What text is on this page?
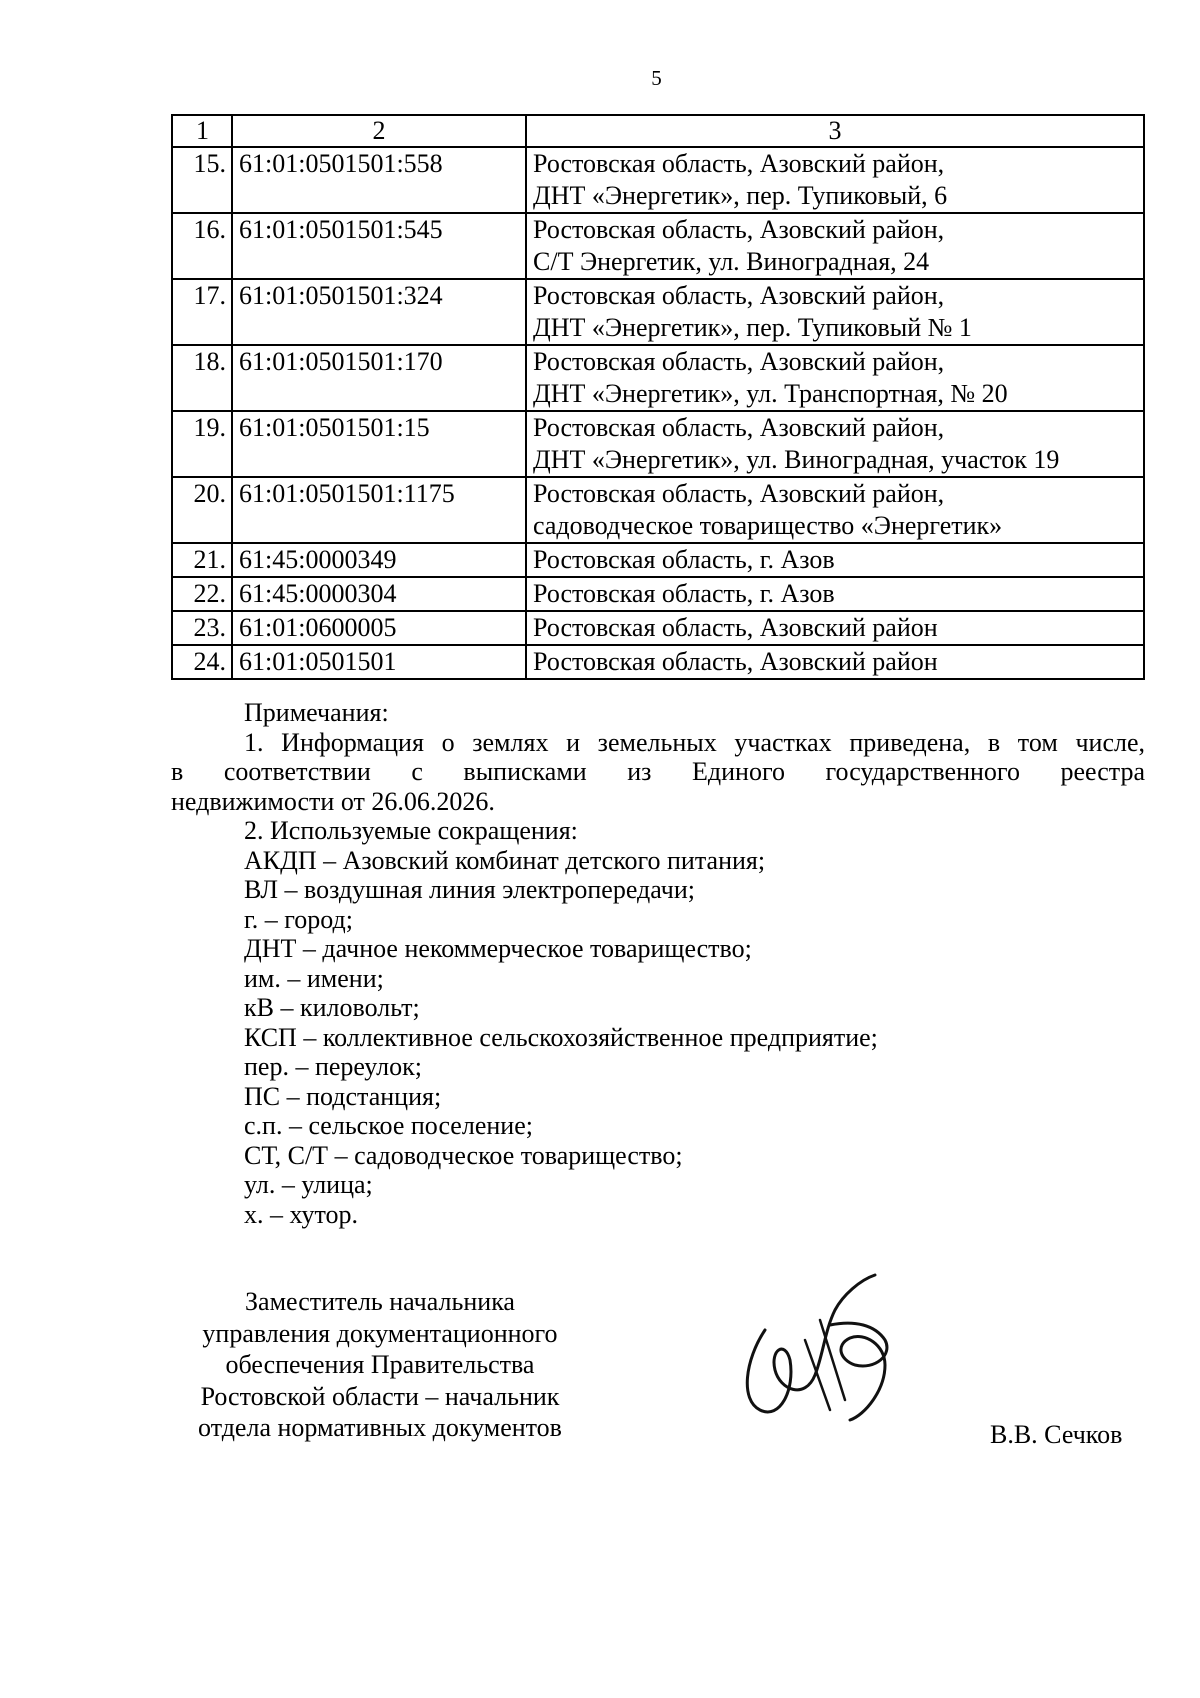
5
1	2	3
15.	61:01:0501501:558	Ростовская область, Азовский район,
ДНТ «Энергетик», пер. Тупиковый, 6

16.	61:01:0501501:545	Ростовская область, Азовский район,
С/Т Энергетик, ул. Виноградная, 24

17.	61:01:0501501:324	Ростовская область, Азовский район,
ДНТ «Энергетик», пер. Тупиковый № 1

18.	61:01:0501501:170	Ростовская область, Азовский район,
ДНТ «Энергетик», ул. Транспортная, № 20

19.	61:01:0501501:15	Ростовская область, Азовский район,
ДНТ «Энергетик», ул. Виноградная, участок 19

20.	61:01:0501501:1175	Ростовская область, Азовский район,
садоводческое товарищество «Энергетик»

21.	61:45:0000349	Ростовская область, г. Азов

22.	61:45:0000304	Ростовская область, г. Азов

23.	61:01:0600005	Ростовская область, Азовский район

24.	61:01:0501501	Ростовская область, Азовский район

Примечания:

1. Информация о землях и земельных участках приведена, в том числе,

в соответствии с выписками из Единого государственного реестра

недвижимости от 26.06.2026.

2. Используемые сокращения:

АКДП – Азовский комбинат детского питания;

ВЛ – воздушная линия электропередачи;

г. – город;

ДНТ – дачное некоммерческое товарищество;

им. – имени;

кВ – киловольт;

КСП – коллективное сельскохозяйственное предприятие;

пер. – переулок;

ПС – подстанция;

с.п. – сельское поселение;

СТ, С/Т – садоводческое товарищество;

ул. – улица;

х. – хутор.

Заместитель начальника

управления документационного

обеспечения Правительства

Ростовской области – начальник

отдела нормативных документов	В.В. Сечков
